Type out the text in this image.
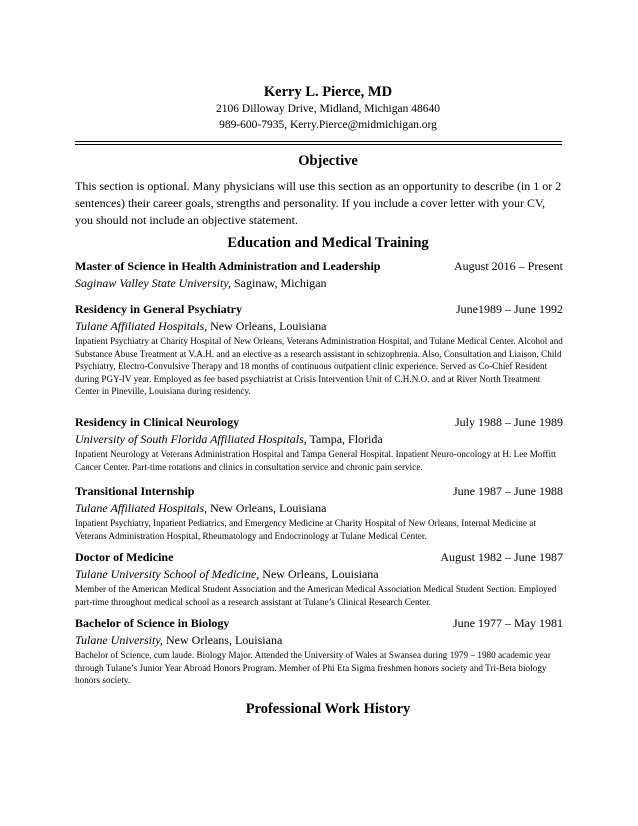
Kerry L. Pierce, MD
2106 Dilloway Drive, Midland, Michigan 48640
989-600-7935, Kerry.Pierce@midmichigan.org
Objective
This section is optional. Many physicians will use this section as an opportunity to describe (in 1 or 2 sentences) their career goals, strengths and personality. If you include a cover letter with your CV, you should not include an objective statement.
Education and Medical Training
Master of Science in Health Administration and Leadership	August 2016 – Present
Saginaw Valley State University, Saginaw, Michigan
Residency in General Psychiatry	June1989 – June 1992
Tulane Affiliated Hospitals, New Orleans, Louisiana
Inpatient Psychiatry at Charity Hospital of New Orleans, Veterans Administration Hospital, and Tulane Medical Center. Alcohol and Substance Abuse Treatment at V.A.H. and an elective as a research assistant in schizophrenia. Also, Consultation and Liaison, Child Psychiatry, Electro-Convulsive Therapy and 18 months of continuous outpatient clinic experience. Served as Co-Chief Resident during PGY-IV year. Employed as fee based psychiatrist at Crisis Intervention Unit of C.H.N.O. and at River North Treatment Center in Pineville, Louisiana during residency.
Residency in Clinical Neurology	July 1988 – June 1989
University of South Florida Affiliated Hospitals, Tampa, Florida
Inpatient Neurology at Veterans Administration Hospital and Tampa General Hospital. Inpatient Neuro-oncology at H. Lee Moffitt Cancer Center. Part-time rotations and clinics in consultation service and chronic pain service.
Transitional Internship	June 1987 – June 1988
Tulane Affiliated Hospitals, New Orleans, Louisiana
Inpatient Psychiatry, Inpatient Pediatrics, and Emergency Medicine at Charity Hospital of New Orleans, Internal Medicine at Veterans Administration Hospital, Rheumatology and Endocrinology at Tulane Medical Center.
Doctor of Medicine	August 1982 – June 1987
Tulane University School of Medicine, New Orleans, Louisiana
Member of the American Medical Student Association and the American Medical Association Medical Student Section. Employed part-time throughout medical school as a research assistant at Tulane’s Clinical Research Center.
Bachelor of Science in Biology	June 1977 – May 1981
Tulane University, New Orleans, Louisiana
Bachelor of Science, cum laude. Biology Major. Attended the University of Wales at Swansea during 1979 – 1980 academic year through Tulane’s Junior Year Abroad Honors Program. Member of Phi Eta Sigma freshmen honors society and Tri-Beta biology honors society.
Professional Work History
